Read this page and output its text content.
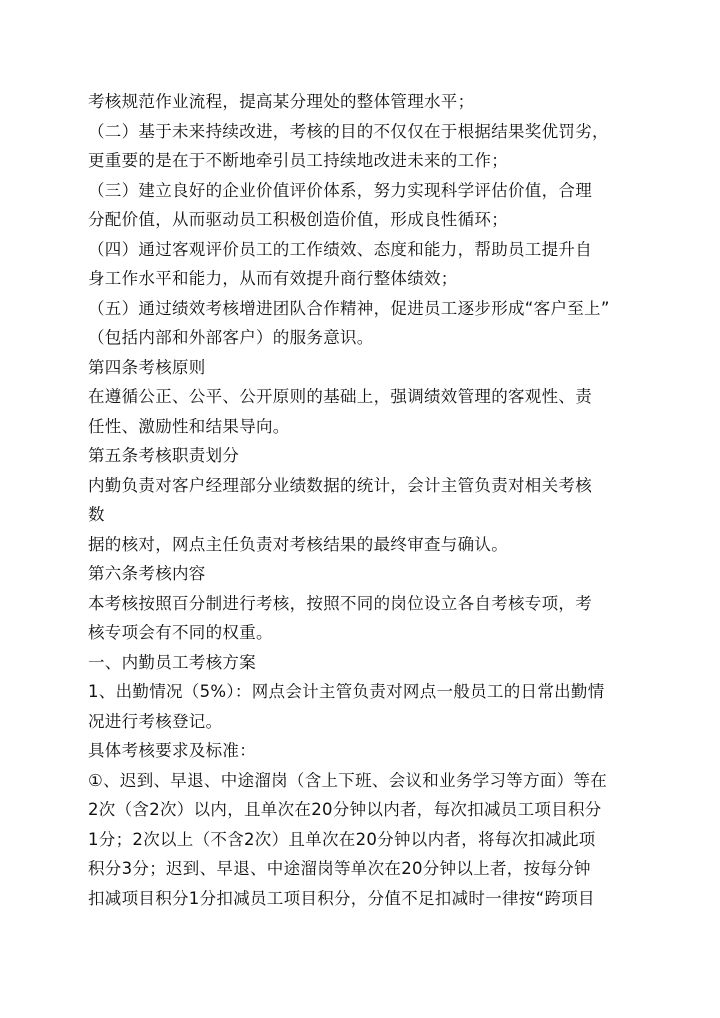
考核规范作业流程，提高某分理处的整体管理水平；
（二）基于未来持续改进，考核的目的不仅仅在于根据结果奖优罚劣，
更重要的是在于不断地牵引员工持续地改进未来的工作；
（三）建立良好的企业价值评价体系，努力实现科学评估价值，合理
分配价值，从而驱动员工积极创造价值，形成良性循环；
（四）通过客观评价员工的工作绩效、态度和能力，帮助员工提升自
身工作水平和能力，从而有效提升商行整体绩效；
（五）通过绩效考核增进团队合作精神，促进员工逐步形成“客户至上”
（包括内部和外部客户）的服务意识。
第四条考核原则
在遵循公正、公平、公开原则的基础上，强调绩效管理的客观性、责
任性、激励性和结果导向。
第五条考核职责划分
内勤负责对客户经理部分业绩数据的统计，会计主管负责对相关考核
数
据的核对，网点主任负责对考核结果的最终审查与确认。
第六条考核内容
本考核按照百分制进行考核，按照不同的岗位设立各自考核专项，考
核专项会有不同的权重。
一、内勤员工考核方案
1、出勤情况（5%）：网点会计主管负责对网点一般员工的日常出勤情
况进行考核登记。
具体考核要求及标准：
①、迟到、早退、中途溜岗（含上下班、会议和业务学习等方面）等在
2次（含2次）以内，且单次在20分钟以内者，每次扣减员工项目积分
1分；2次以上（不含2次）且单次在20分钟以内者，将每次扣减此项
积分3分；迟到、早退、中途溜岗等单次在20分钟以上者，按每分钟
扣减项目积分1分扣减员工项目积分，分值不足扣减时一律按“跨项目
